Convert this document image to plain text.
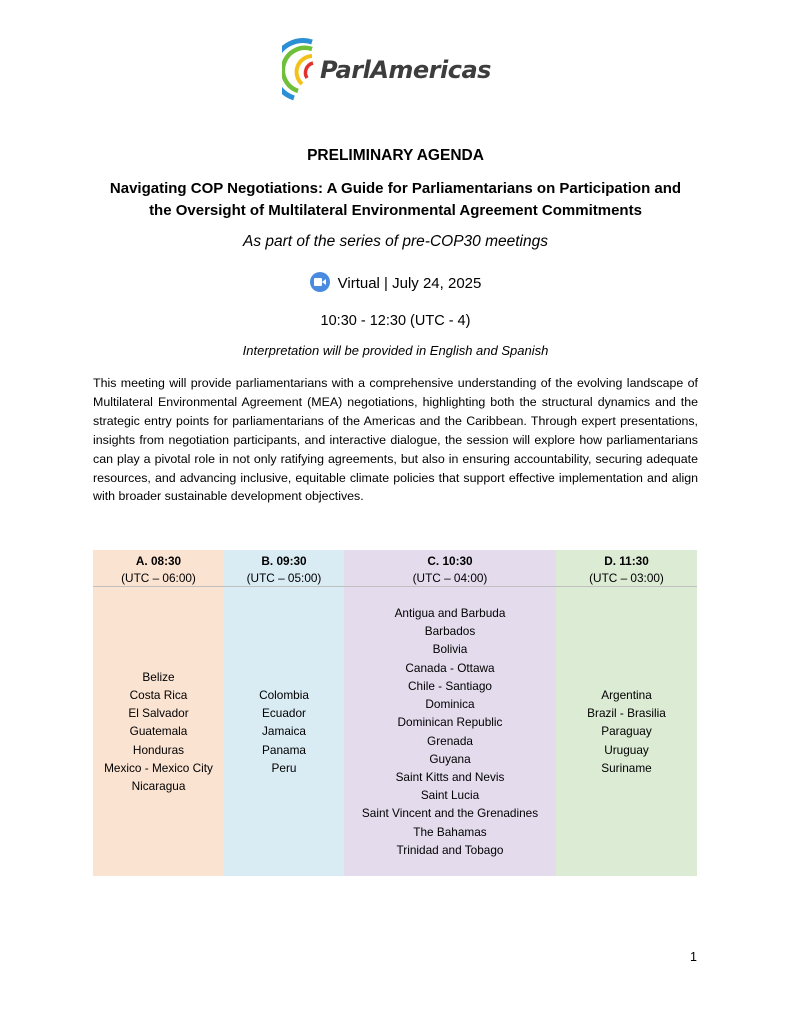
ParlAmericas
PRELIMINARY AGENDA
Navigating COP Negotiations: A Guide for Parliamentarians on Participation and
the Oversight of Multilateral Environmental Agreement Commitments
As part of the series of pre-COP30 meetings
Virtual | July 24, 2025
10:30 - 12:30 (UTC - 4)
Interpretation will be provided in English and Spanish
This meeting will provide parliamentarians with a comprehensive understanding of the evolving landscape of Multilateral Environmental Agreement (MEA) negotiations, highlighting both the structural dynamics and the strategic entry points for parliamentarians of the Americas and the Caribbean. Through expert presentations, insights from negotiation participants, and interactive dialogue, the session will explore how parliamentarians can play a pivotal role in not only ratifying agreements, but also in ensuring accountability, securing adequate resources, and advancing inclusive, equitable climate policies that support effective implementation and align with broader sustainable development objectives.
A. 08:30
(UTC – 06:00)
Belize
Costa Rica
El Salvador
Guatemala
Honduras
Mexico - Mexico City
Nicaragua
B. 09:30
(UTC – 05:00)
Colombia
Ecuador
Jamaica
Panama
Peru
C. 10:30
(UTC – 04:00)
Antigua and Barbuda
Barbados
Bolivia
Canada - Ottawa
Chile - Santiago
Dominica
Dominican Republic
Grenada
Guyana
Saint Kitts and Nevis
Saint Lucia
Saint Vincent and the Grenadines
The Bahamas
Trinidad and Tobago
D. 11:30
(UTC – 03:00)
Argentina
Brazil - Brasilia
Paraguay
Uruguay
Suriname
1
